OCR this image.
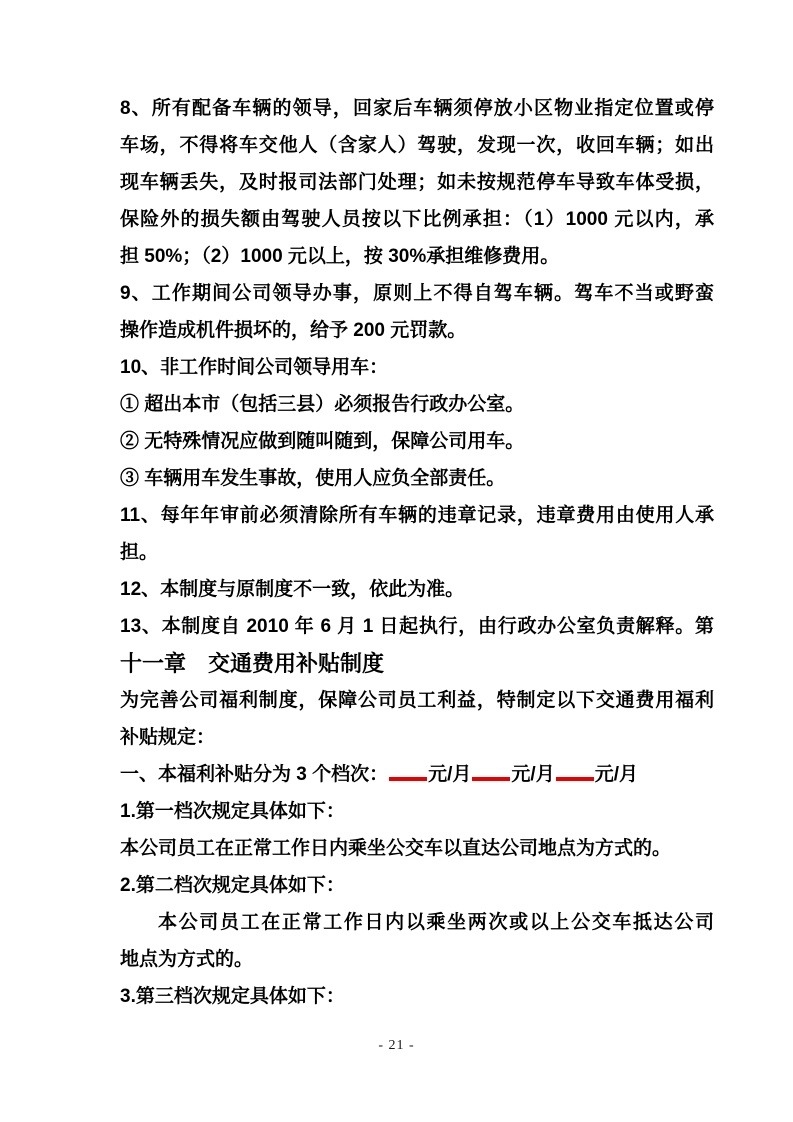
8、所有配备车辆的领导，回家后车辆须停放小区物业指定位置或停
车场，不得将车交他人（含家人）驾驶，发现一次，收回车辆；如出
现车辆丢失，及时报司法部门处理；如未按规范停车导致车体受损，
保险外的损失额由驾驶人员按以下比例承担：（1）1000 元以内，承
担 50%；（2）1000 元以上，按 30%承担维修费用。
9、工作期间公司领导办事，原则上不得自驾车辆。驾车不当或野蛮
操作造成机件损坏的，给予 200 元罚款。
10、非工作时间公司领导用车：
① 超出本市（包括三县）必须报告行政办公室。
② 无特殊情况应做到随叫随到，保障公司用车。
③ 车辆用车发生事故，使用人应负全部责任。
11、每年年审前必须清除所有车辆的违章记录，违章费用由使用人承
担。
12、本制度与原制度不一致，依此为准。
13、本制度自 2010 年 6 月 1 日起执行，由行政办公室负责解释。第
十一章　交通费用补贴制度
为完善公司福利制度，保障公司员工利益，特制定以下交通费用福利
补贴规定：
一、本福利补贴分为 3 个档次： 元/月 元/月 元/月
1.第一档次规定具体如下：
本公司员工在正常工作日内乘坐公交车以直达公司地点为方式的。
2.第二档次规定具体如下：
本公司员工在正常工作日内以乘坐两次或以上公交车抵达公司
地点为方式的。
3.第三档次规定具体如下：
- 21 -
